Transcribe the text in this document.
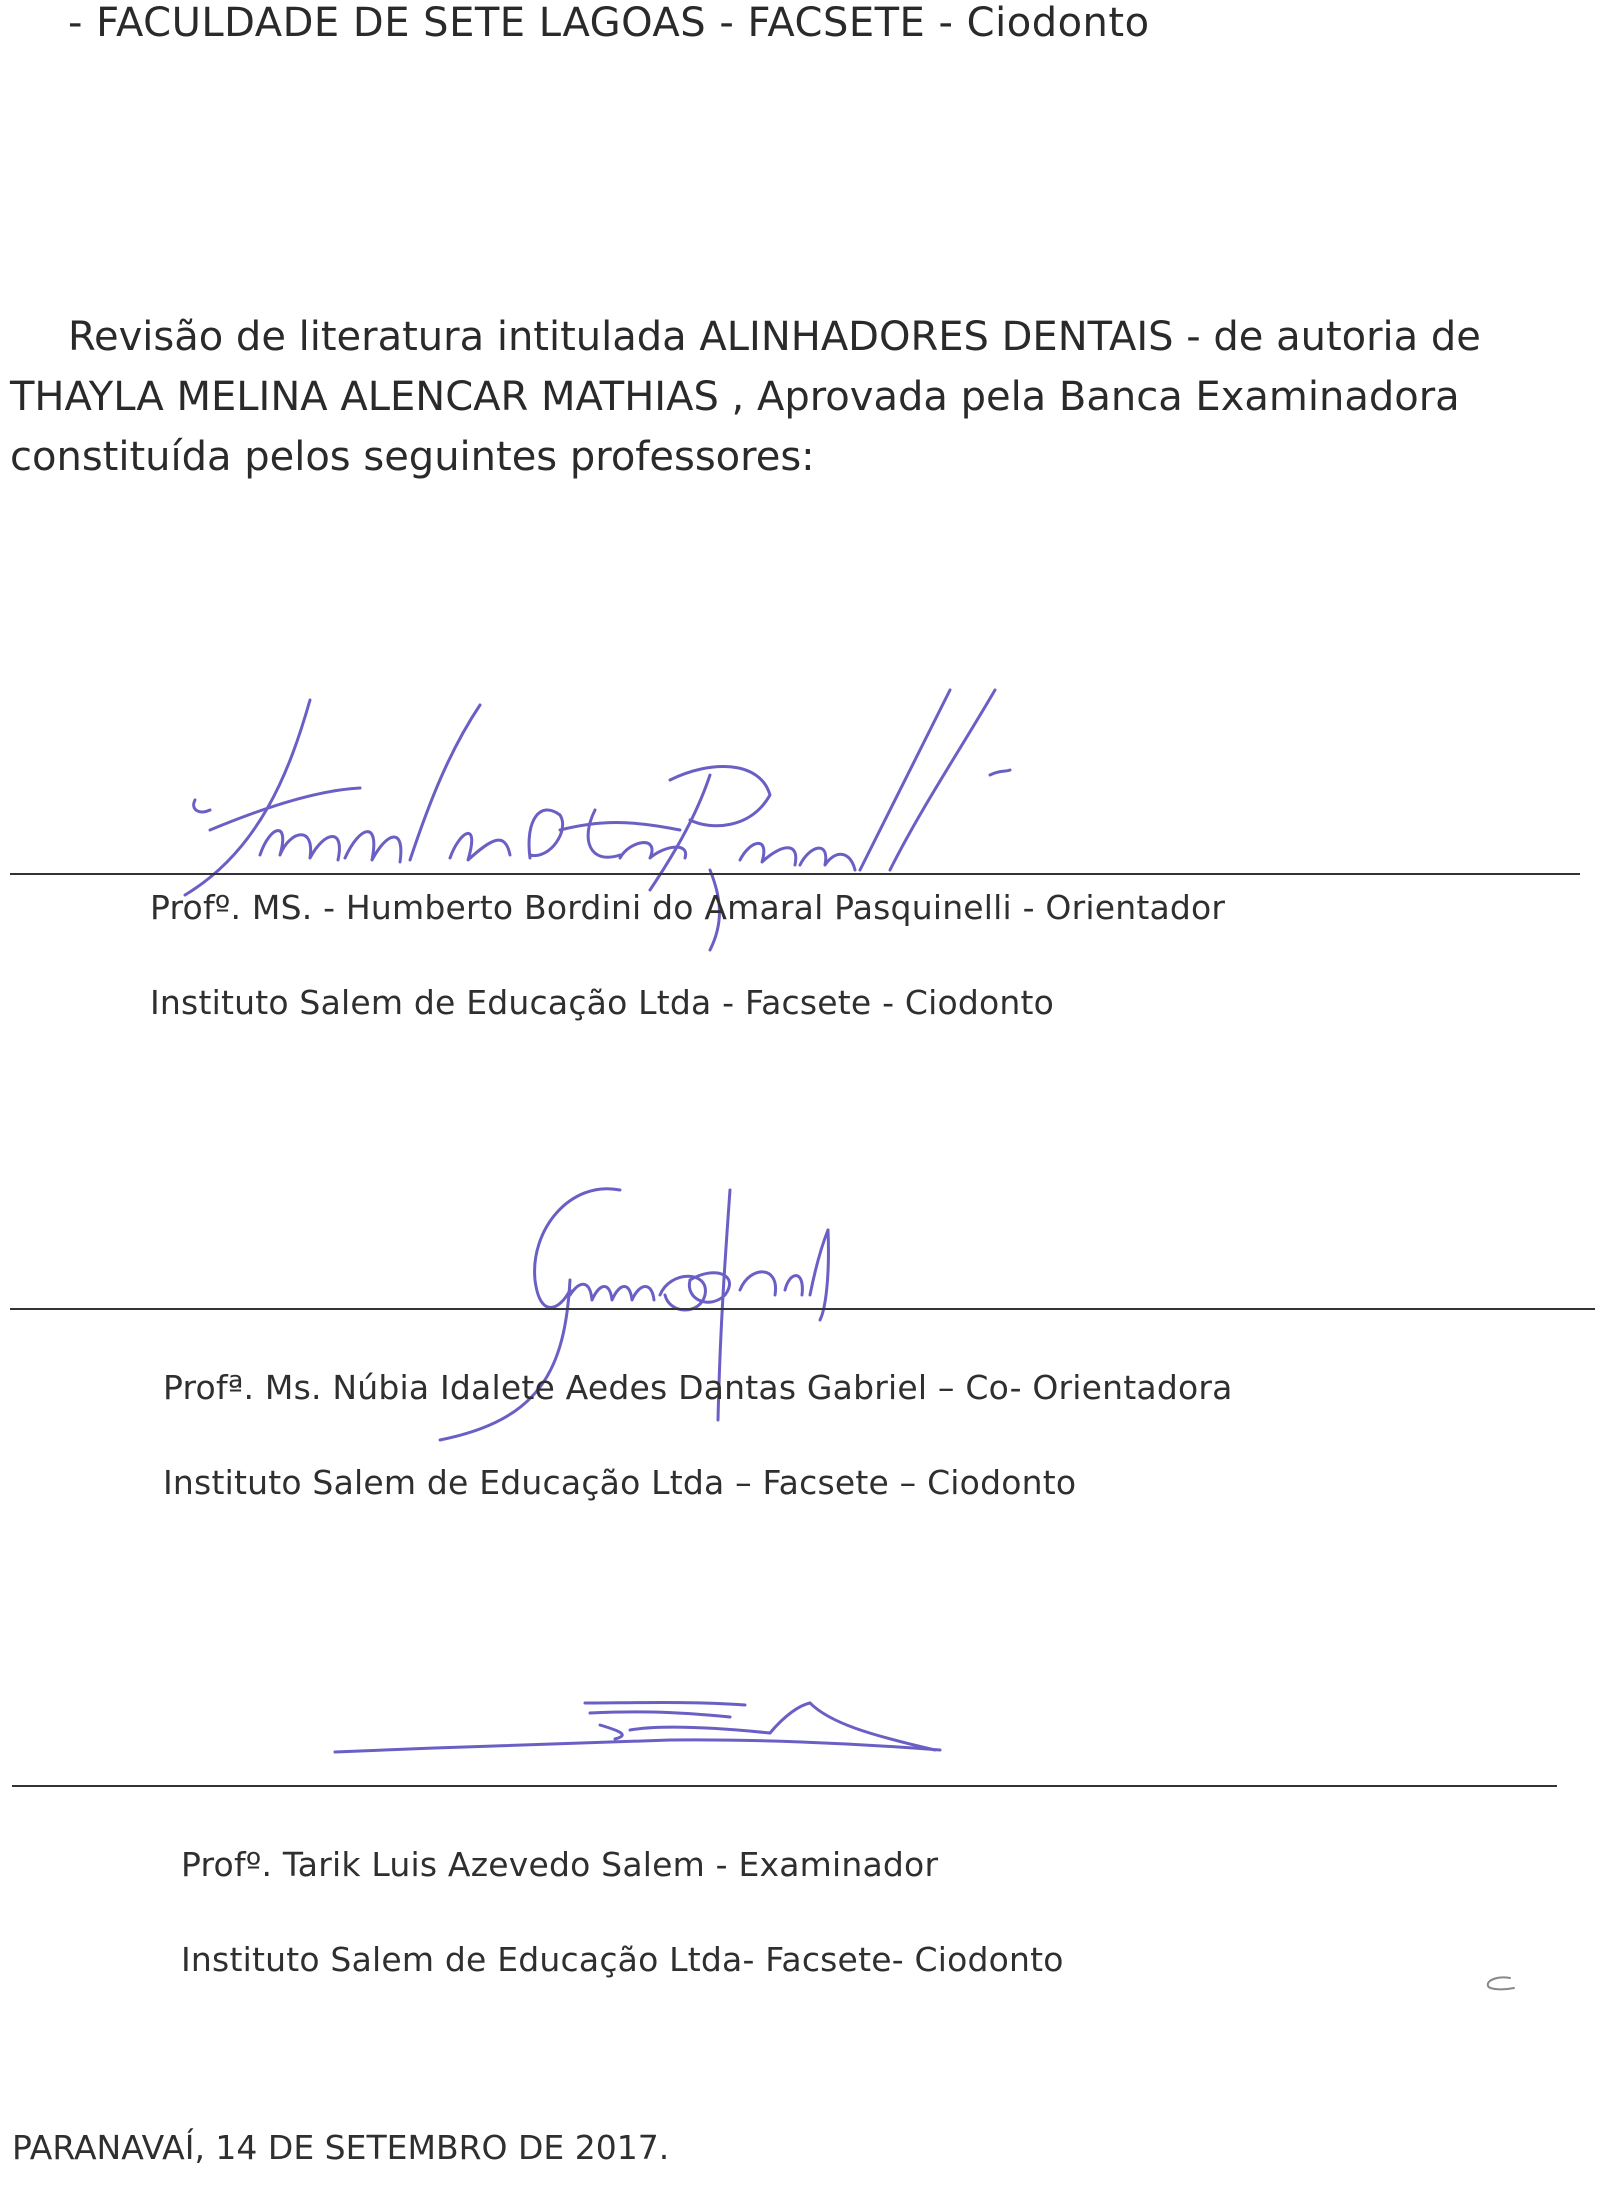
- FACULDADE DE SETE LAGOAS - FACSETE - Ciodonto
Revisão de literatura intitulada ALINHADORES DENTAIS - de autoria de
THAYLA MELINA ALENCAR MATHIAS , Aprovada pela Banca Examinadora
constituída pelos seguintes professores:
Profº. MS. - Humberto Bordini do Amaral Pasquinelli - Orientador
Instituto Salem de Educação Ltda - Facsete - Ciodonto
Profª. Ms. Núbia Idalete Aedes Dantas Gabriel – Co- Orientadora
Instituto Salem de Educação Ltda – Facsete – Ciodonto
Profº. Tarik Luis Azevedo Salem - Examinador
Instituto Salem de Educação Ltda- Facsete- Ciodonto
PARANAVAÍ, 14 DE SETEMBRO DE 2017.
